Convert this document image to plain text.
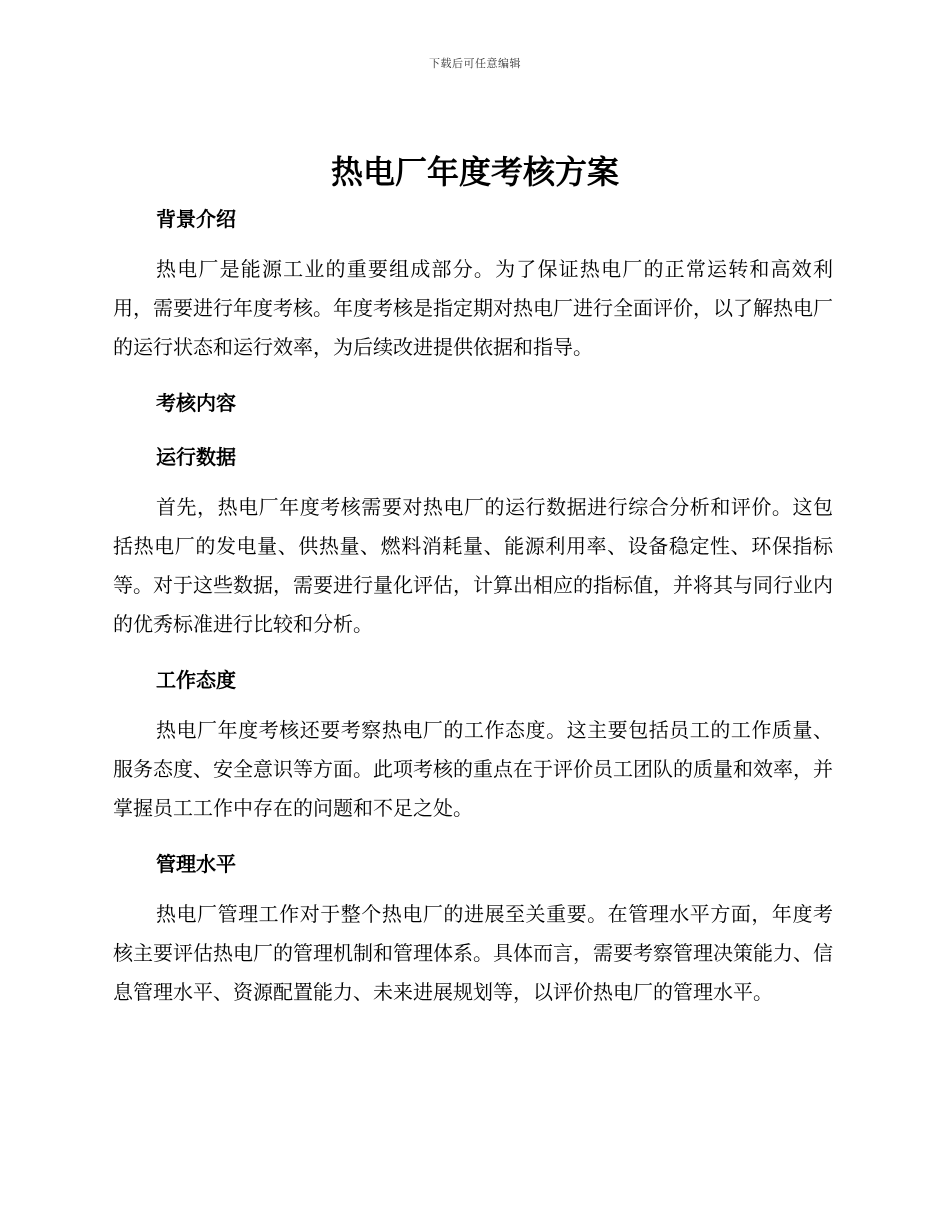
下载后可任意编辑
热电厂年度考核方案
背景介绍

热电厂是能源工业的重要组成部分。为了保证热电厂的正常运转和高效利用，需要进行年度考核。年度考核是指定期对热电厂进行全面评价，以了解热电厂的运行状态和运行效率，为后续改进提供依据和指导。

考核内容
运行数据

首先，热电厂年度考核需要对热电厂的运行数据进行综合分析和评价。这包括热电厂的发电量、供热量、燃料消耗量、能源利用率、设备稳定性、环保指标等。对于这些数据，需要进行量化评估，计算出相应的指标值，并将其与同行业内的优秀标准进行比较和分析。

工作态度

热电厂年度考核还要考察热电厂的工作态度。这主要包括员工的工作质量、服务态度、安全意识等方面。此项考核的重点在于评价员工团队的质量和效率，并掌握员工工作中存在的问题和不足之处。

管理水平

热电厂管理工作对于整个热电厂的进展至关重要。在管理水平方面，年度考核主要评估热电厂的管理机制和管理体系。具体而言，需要考察管理决策能力、信息管理水平、资源配置能力、未来进展规划等，以评价热电厂的管理水平。
